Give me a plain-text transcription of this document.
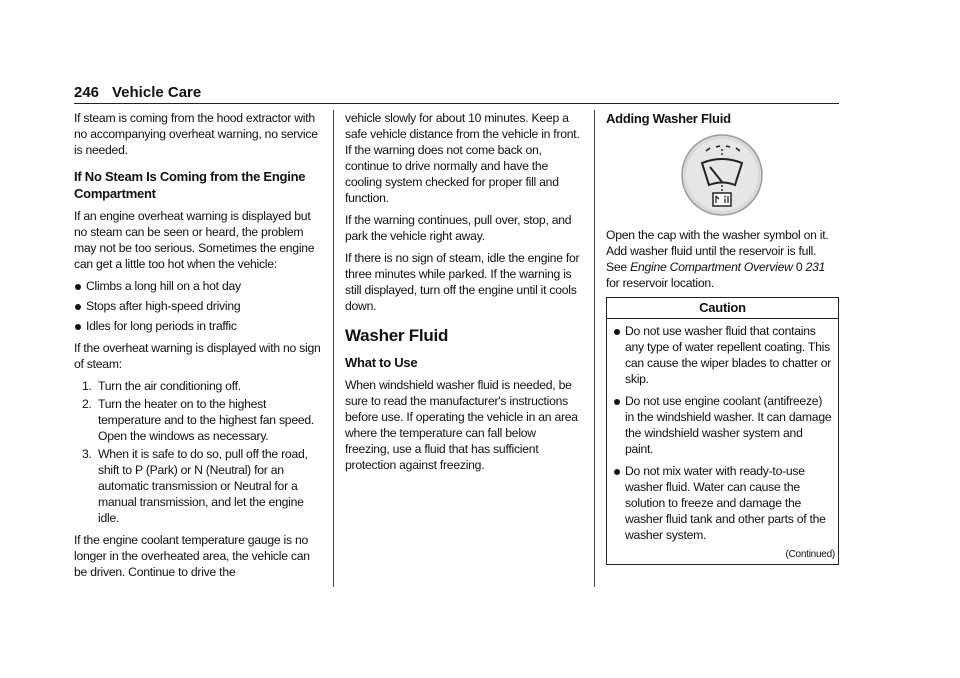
246 Vehicle Care

If steam is coming from the hood extractor with no accompanying overheat warning, no service is needed.

If No Steam Is Coming from the Engine Compartment

If an engine overheat warning is displayed but no steam can be seen or heard, the problem may not be too serious. Sometimes the engine can get a little too hot when the vehicle:

Climbs a long hill on a hot day
Stops after high-speed driving
Idles for long periods in traffic

If the overheat warning is displayed with no sign of steam:

1. Turn the air conditioning off.
2. Turn the heater on to the highest temperature and to the highest fan speed. Open the windows as necessary.
3. When it is safe to do so, pull off the road, shift to P (Park) or N (Neutral) for an automatic transmission or Neutral for a manual transmission, and let the engine idle.

If the engine coolant temperature gauge is no longer in the overheated area, the vehicle can be driven. Continue to drive the

vehicle slowly for about 10 minutes. Keep a safe vehicle distance from the vehicle in front. If the warning does not come back on, continue to drive normally and have the cooling system checked for proper fill and function.

If the warning continues, pull over, stop, and park the vehicle right away.

If there is no sign of steam, idle the engine for three minutes while parked. If the warning is still displayed, turn off the engine until it cools down.

Washer Fluid
What to Use

When windshield washer fluid is needed, be sure to read the manufacturer's instructions before use. If operating the vehicle in an area where the temperature can fall below freezing, use a fluid that has sufficient protection against freezing.

Adding Washer Fluid

Open the cap with the washer symbol on it. Add washer fluid until the reservoir is full. See Engine Compartment Overview 0 231 for reservoir location.

Caution
Do not use washer fluid that contains any type of water repellent coating. This can cause the wiper blades to chatter or skip.
Do not use engine coolant (antifreeze) in the windshield washer. It can damage the windshield washer system and paint.
Do not mix water with ready-to-use washer fluid. Water can cause the solution to freeze and damage the washer fluid tank and other parts of the washer system.
(Continued)
